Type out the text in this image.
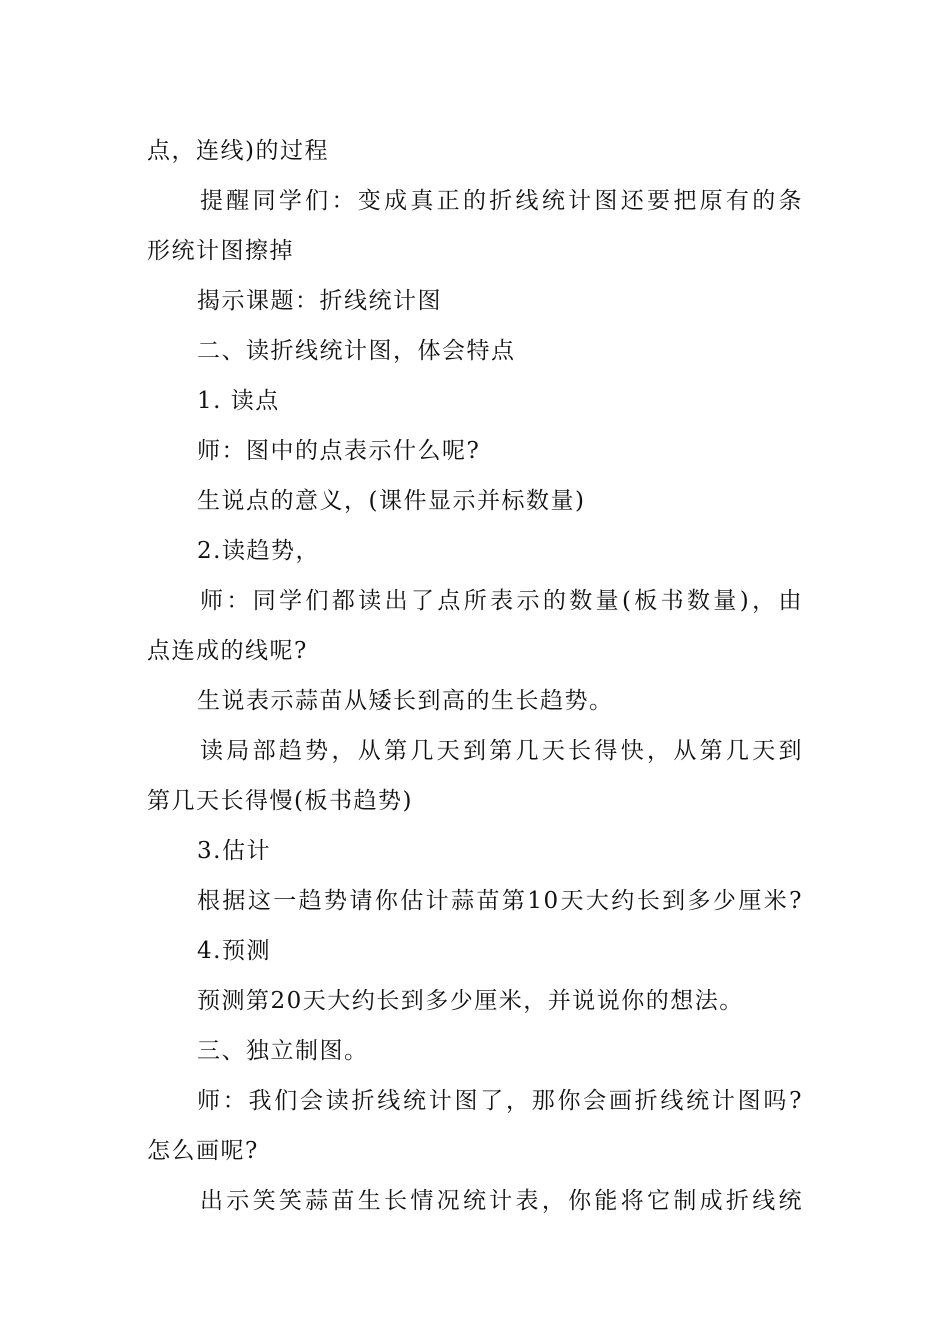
点，连线)的过程
提醒同学们：变成真正的折线统计图还要把原有的条
形统计图擦掉
揭示课题：折线统计图
二、读折线统计图，体会特点
1. 读点
师：图中的点表示什么呢?
生说点的意义，(课件显示并标数量)
2.读趋势，
师：同学们都读出了点所表示的数量(板书数量)，由
点连成的线呢?
生说表示蒜苗从矮长到高的生长趋势。
读局部趋势，从第几天到第几天长得快，从第几天到
第几天长得慢(板书趋势)
3.估计
根据这一趋势请你估计蒜苗第10天大约长到多少厘米?
4.预测
预测第20天大约长到多少厘米，并说说你的想法。
三、独立制图。
师：我们会读折线统计图了，那你会画折线统计图吗?
怎么画呢?
出示笑笑蒜苗生长情况统计表，你能将它制成折线统
